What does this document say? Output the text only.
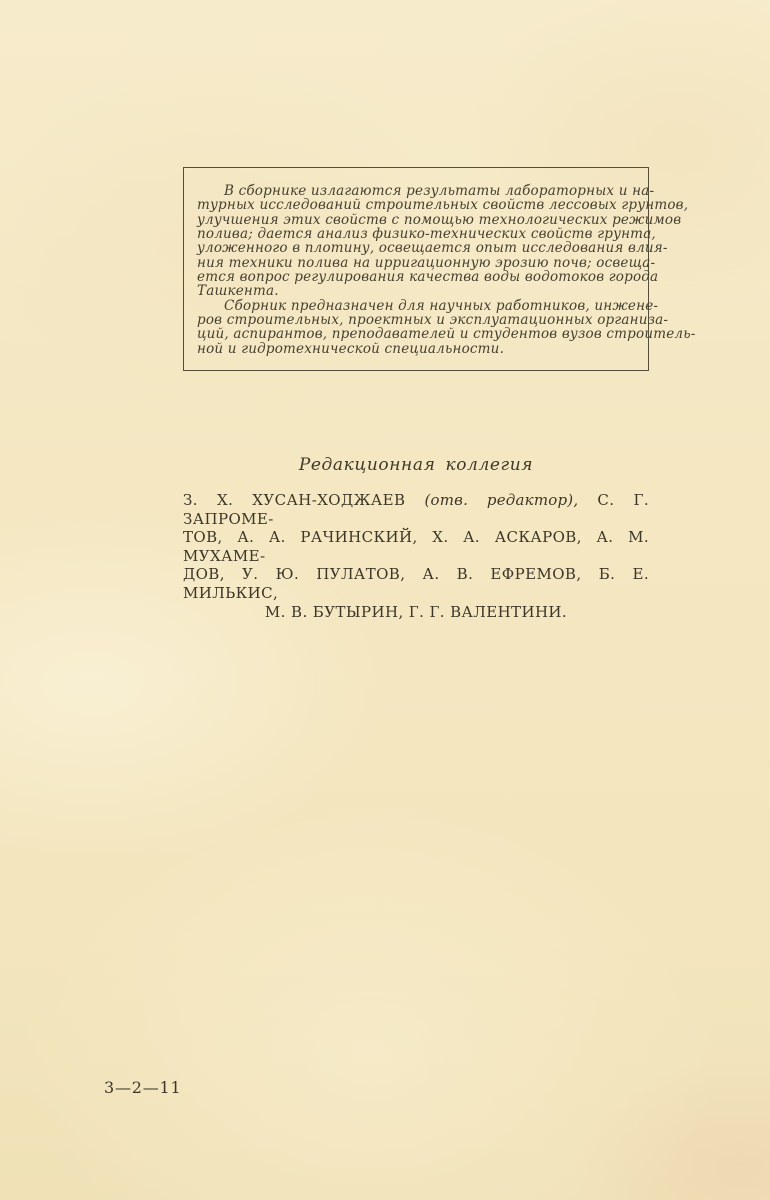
В сборнике излагаются результаты лабораторных и на-
турных исследований строительных свойств лессовых грунтов,
улучшения этих свойств с помощью технологических режимов
полива; дается анализ физико-технических свойств грунта,
уложенного в плотину, освещается опыт исследования влия-
ния техники полива на ирригационную эрозию почв; освеща-
ется вопрос регулирования качества воды водотоков города
Ташкента.
Сборник предназначен для научных работников, инжене-
ров строительных, проектных и эксплуатационных организа-
ций, аспирантов, преподавателей и студентов вузов строитель-
ной и гидротехнической специальности.
Редакционная коллегия
З. Х. ХУСАН-ХОДЖАЕВ (отв. редактор), С. Г. ЗАПРОМЕ-
ТОВ, А. А. РАЧИНСКИЙ, Х. А. АСКАРОВ, А. М. МУХАМЕ-
ДОВ, У. Ю. ПУЛАТОВ, А. В. ЕФРЕМОВ, Б. Е. МИЛЬКИС,
М. В. БУТЫРИН, Г. Г. ВАЛЕНТИНИ.
3—2—11
